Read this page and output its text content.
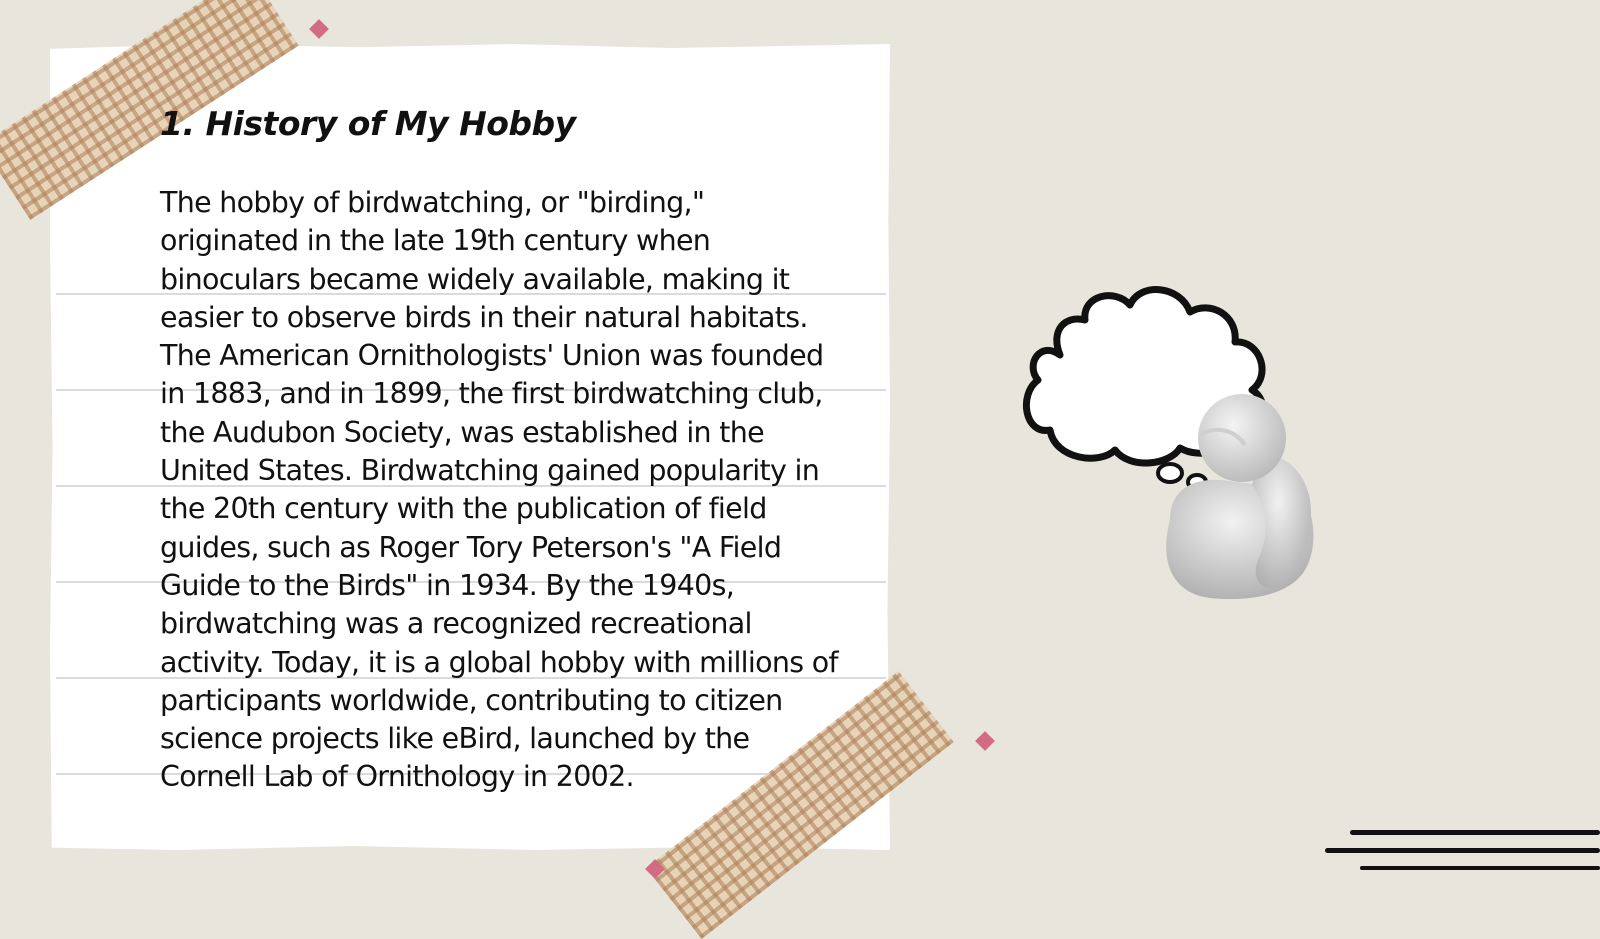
1. History of My Hobby

The hobby of birdwatching, or "birding," originated in the late 19th century when binoculars became widely available, making it easier to observe birds in their natural habitats. The American Ornithologists' Union was founded in 1883, and in 1899, the first birdwatching club, the Audubon Society, was established in the United States. Birdwatching gained popularity in the 20th century with the publication of field guides, such as Roger Tory Peterson's "A Field Guide to the Birds" in 1934. By the 1940s, birdwatching was a recognized recreational activity. Today, it is a global hobby with millions of participants worldwide, contributing to citizen science projects like eBird, launched by the Cornell Lab of Ornithology in 2002.
